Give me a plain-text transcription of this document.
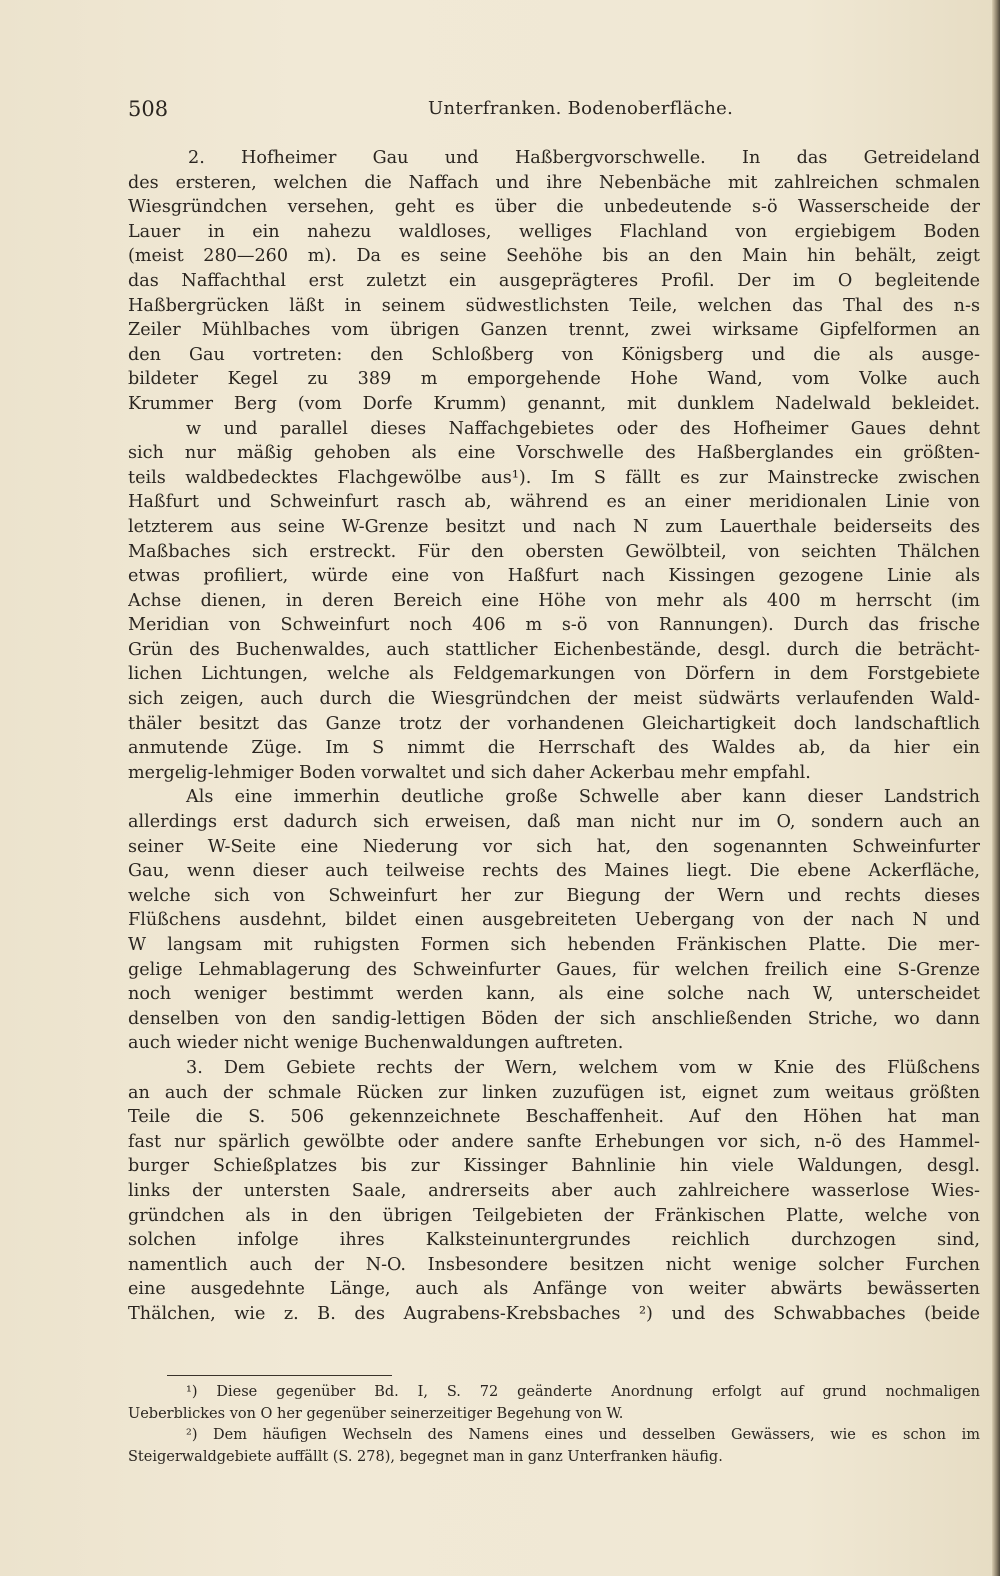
508	Unterfranken. Bodenoberfläche.
2. Hofheimer Gau und Haßbergvorschwelle. In das Getreideland
des ersteren, welchen die Naffach und ihre Nebenbäche mit zahlreichen schmalen
Wiesgründchen versehen, geht es über die unbedeutende s-ö Wasserscheide der
Lauer in ein nahezu waldloses, welliges Flachland von ergiebigem Boden
(meist 280—260 m). Da es seine Seehöhe bis an den Main hin behält, zeigt
das Naffachthal erst zuletzt ein ausgeprägteres Profil. Der im O begleitende
Haßbergrücken läßt in seinem südwestlichsten Teile, welchen das Thal des n-s
Zeiler Mühlbaches vom übrigen Ganzen trennt, zwei wirksame Gipfelformen an
den Gau vortreten: den Schloßberg von Königsberg und die als ausge-
bildeter Kegel zu 389 m emporgehende Hohe Wand, vom Volke auch
Krummer Berg (vom Dorfe Krumm) genannt, mit dunklem Nadelwald bekleidet.
w und parallel dieses Naffachgebietes oder des Hofheimer Gaues dehnt
sich nur mäßig gehoben als eine Vorschwelle des Haßberglandes ein größten-
teils waldbedecktes Flachgewölbe aus¹). Im S fällt es zur Mainstrecke zwischen
Haßfurt und Schweinfurt rasch ab, während es an einer meridionalen Linie von
letzterem aus seine W-Grenze besitzt und nach N zum Lauerthale beiderseits des
Maßbaches sich erstreckt. Für den obersten Gewölbteil, von seichten Thälchen
etwas profiliert, würde eine von Haßfurt nach Kissingen gezogene Linie als
Achse dienen, in deren Bereich eine Höhe von mehr als 400 m herrscht (im
Meridian von Schweinfurt noch 406 m s-ö von Rannungen). Durch das frische
Grün des Buchenwaldes, auch stattlicher Eichenbestände, desgl. durch die beträcht-
lichen Lichtungen, welche als Feldgemarkungen von Dörfern in dem Forstgebiete
sich zeigen, auch durch die Wiesgründchen der meist südwärts verlaufenden Wald-
thäler besitzt das Ganze trotz der vorhandenen Gleichartigkeit doch landschaftlich
anmutende Züge. Im S nimmt die Herrschaft des Waldes ab, da hier ein
mergelig-lehmiger Boden vorwaltet und sich daher Ackerbau mehr empfahl.
Als eine immerhin deutliche große Schwelle aber kann dieser Landstrich
allerdings erst dadurch sich erweisen, daß man nicht nur im O, sondern auch an
seiner W-Seite eine Niederung vor sich hat, den sogenannten Schweinfurter
Gau, wenn dieser auch teilweise rechts des Maines liegt. Die ebene Ackerfläche,
welche sich von Schweinfurt her zur Biegung der Wern und rechts dieses
Flüßchens ausdehnt, bildet einen ausgebreiteten Uebergang von der nach N und
W langsam mit ruhigsten Formen sich hebenden Fränkischen Platte. Die mer-
gelige Lehmablagerung des Schweinfurter Gaues, für welchen freilich eine S-Grenze
noch weniger bestimmt werden kann, als eine solche nach W, unterscheidet
denselben von den sandig-lettigen Böden der sich anschließenden Striche, wo dann
auch wieder nicht wenige Buchenwaldungen auftreten.
3. Dem Gebiete rechts der Wern, welchem vom w Knie des Flüßchens
an auch der schmale Rücken zur linken zuzufügen ist, eignet zum weitaus größten
Teile die S. 506 gekennzeichnete Beschaffenheit. Auf den Höhen hat man
fast nur spärlich gewölbte oder andere sanfte Erhebungen vor sich, n-ö des Hammel-
burger Schießplatzes bis zur Kissinger Bahnlinie hin viele Waldungen, desgl.
links der untersten Saale, andrerseits aber auch zahlreichere wasserlose Wies-
gründchen als in den übrigen Teilgebieten der Fränkischen Platte, welche von
solchen infolge ihres Kalksteinuntergrundes reichlich durchzogen sind,
namentlich auch der N-O. Insbesondere besitzen nicht wenige solcher Furchen
eine ausgedehnte Länge, auch als Anfänge von weiter abwärts bewässerten
Thälchen, wie z. B. des Augrabens-Krebsbaches ²) und des Schwabbaches (beide
¹) Diese gegenüber Bd. I, S. 72 geänderte Anordnung erfolgt auf grund nochmaligen
Ueberblickes von O her gegenüber seinerzeitiger Begehung von W.
²) Dem häufigen Wechseln des Namens eines und desselben Gewässers, wie es schon im
Steigerwaldgebiete auffällt (S. 278), begegnet man in ganz Unterfranken häufig.
